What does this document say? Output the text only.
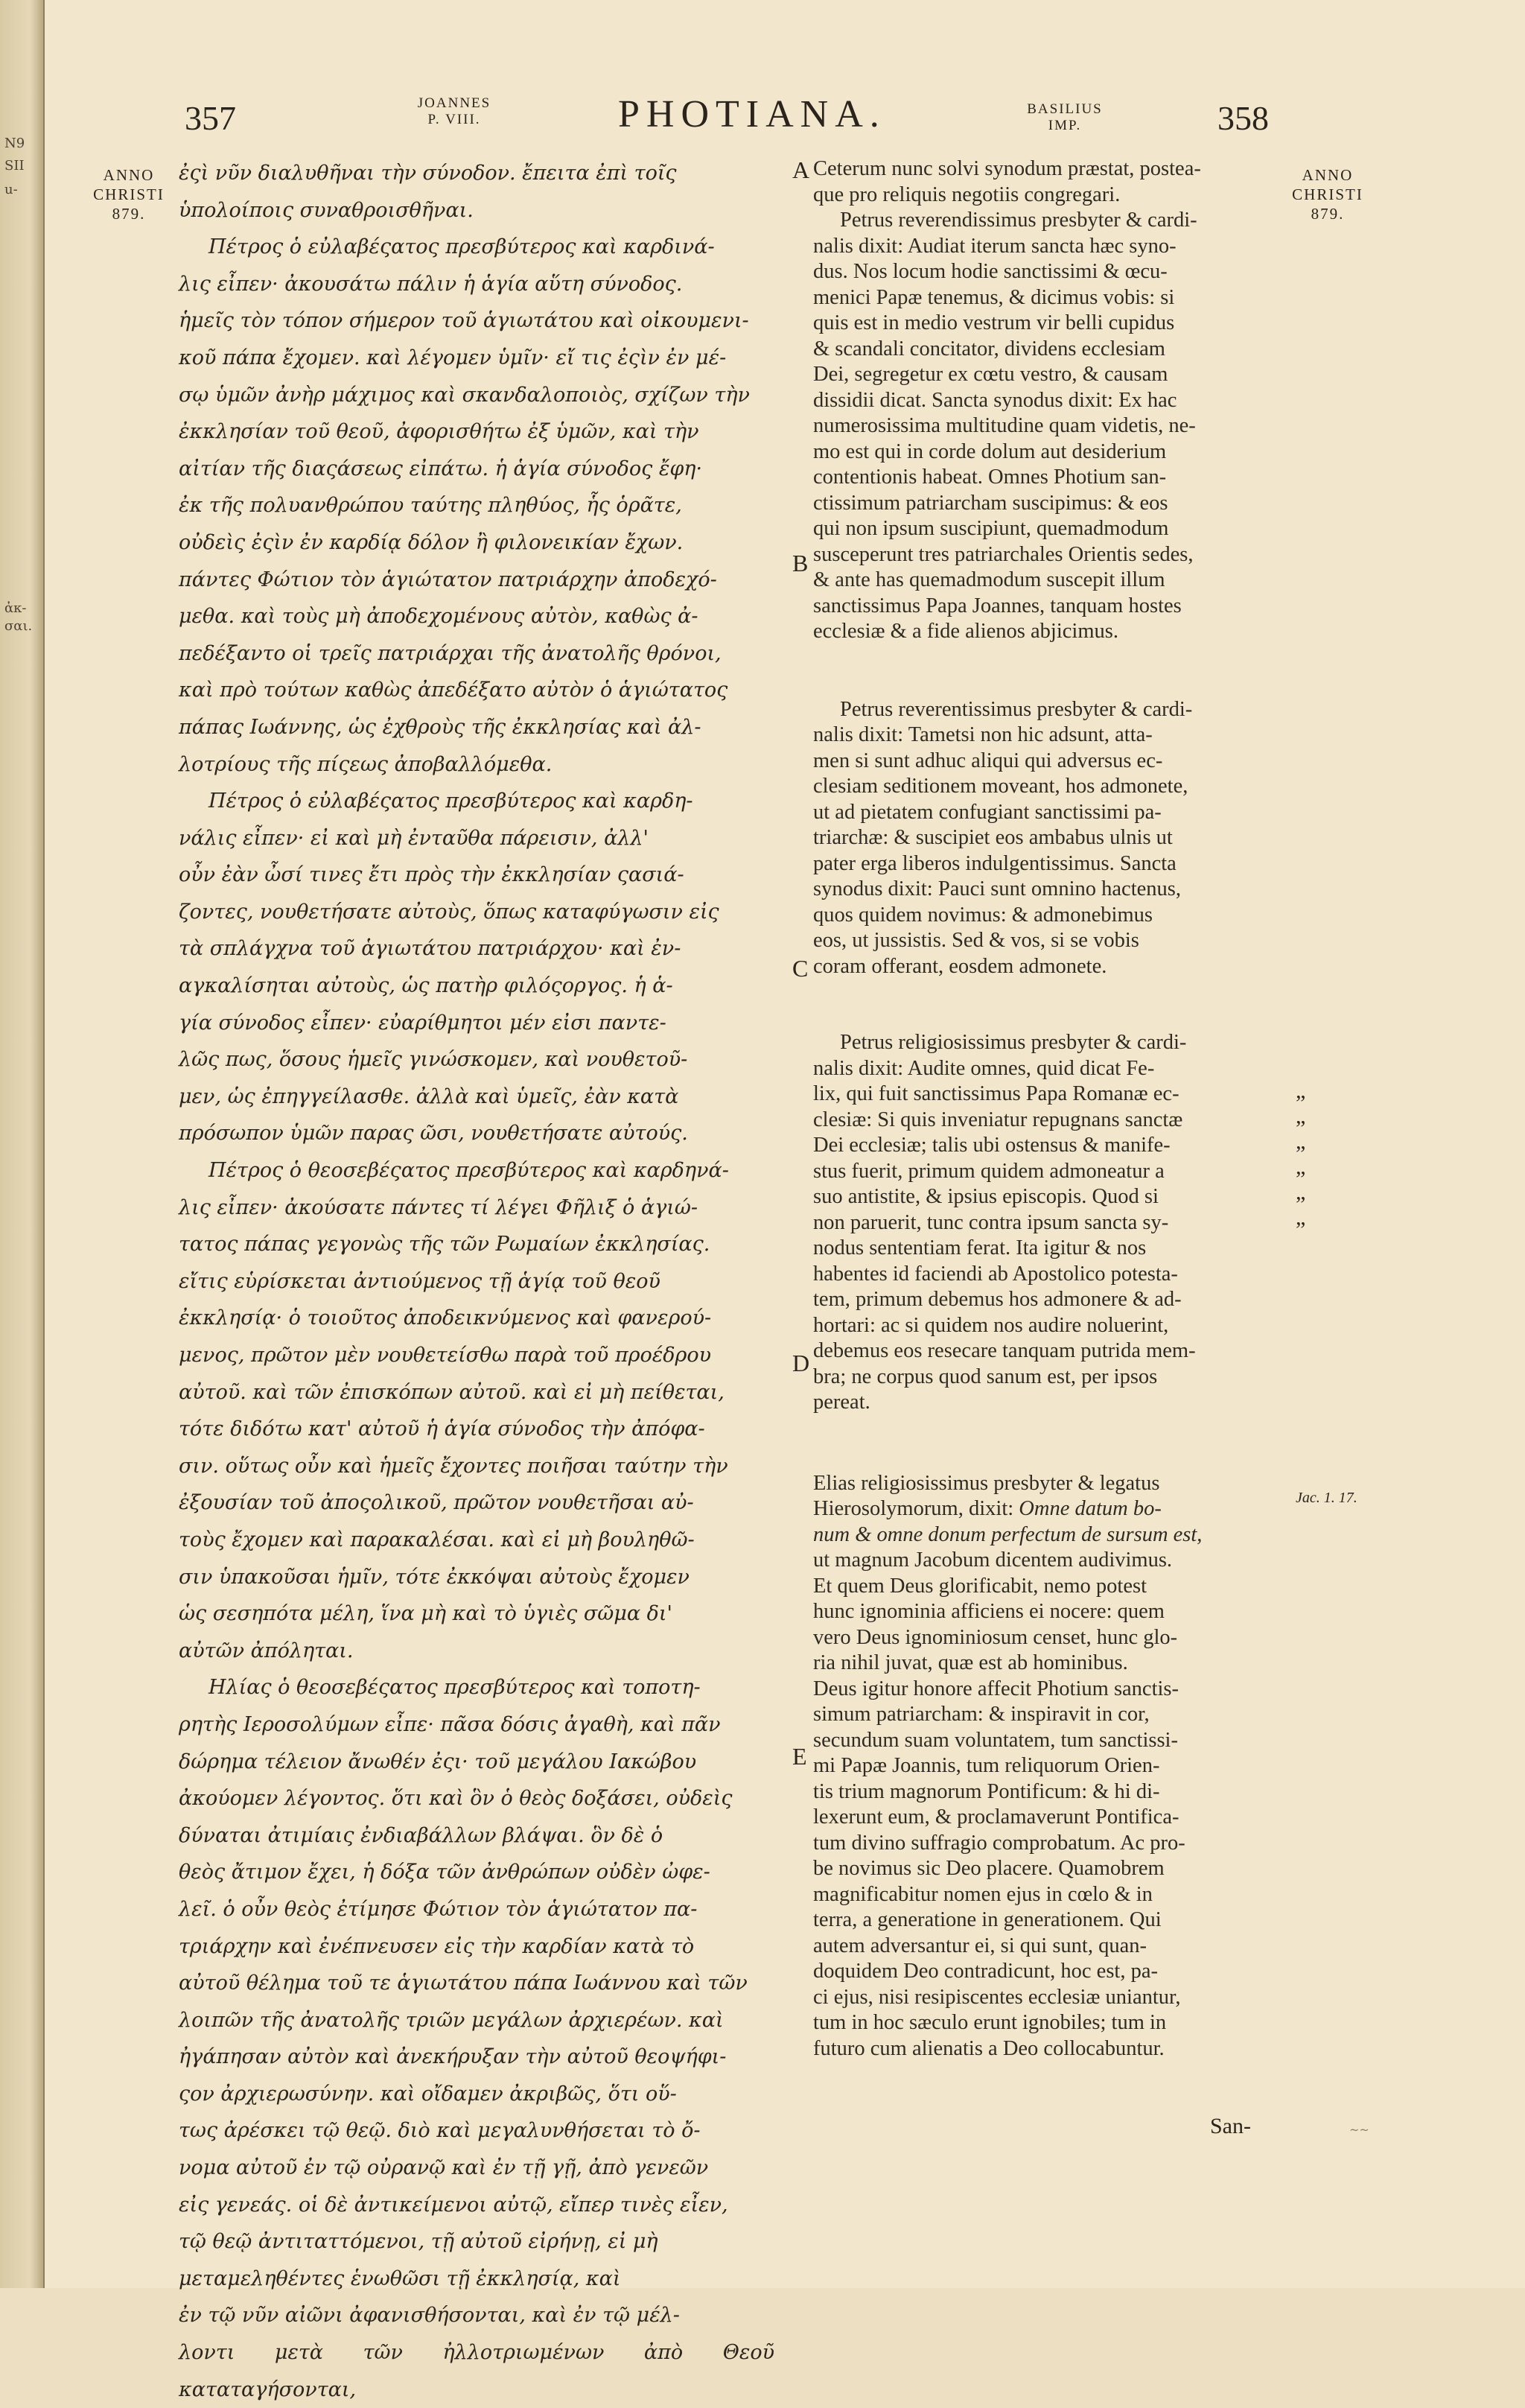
N9
SII
u-
ἀκ-
σαι.
357	JOANNES
P. VIII.	PHOTIANA.	BASILIUS
IMP.	358
ANNO
CHRISTI
879.
ANNO
CHRISTI
879.
ἐςὶ νῦν διαλυθῆναι τὴν σύνοδον. ἔπειτα ἐπὶ τοῖς
ὑπολοίποις συναθροισθῆναι.
Πέτρος ὁ εὐλαβέςατος πρεσβύτερος καὶ καρδινά-
λις εἶπεν· ἀκουσάτω πάλιν ἡ ἁγία αὕτη σύνοδος.
ἡμεῖς τὸν τόπον σήμερον τοῦ ἁγιωτάτου καὶ οἰκουμενι-
κοῦ πάπα ἔχομεν. καὶ λέγομεν ὑμῖν· εἴ τις ἐςὶν ἐν μέ-
σῳ ὑμῶν ἀνὴρ μάχιμος καὶ σκανδαλοποιὸς, σχίζων τὴν
ἐκκλησίαν τοῦ θεοῦ, ἀφορισθήτω ἐξ ὑμῶν, καὶ τὴν
αἰτίαν τῆς διαςάσεως εἰπάτω. ἡ ἁγία σύνοδος ἔφη·
ἐκ τῆς πολυανθρώπου ταύτης πληθύος, ἧς ὁρᾶτε,
οὐδεὶς ἐςὶν ἐν καρδίᾳ δόλον ἢ φιλονεικίαν ἔχων.
πάντες Φώτιον τὸν ἁγιώτατον πατριάρχην ἀποδεχό-
μεθα. καὶ τοὺς μὴ ἀποδεχομένους αὐτὸν, καθὼς ἀ-
πεδέξαντο οἱ τρεῖς πατριάρχαι τῆς ἀνατολῆς θρόνοι,
καὶ πρὸ τούτων καθὼς ἀπεδέξατο αὐτὸν ὁ ἁγιώτατος
πάπας Ιωάννης, ὡς ἐχθροὺς τῆς ἐκκλησίας καὶ ἀλ-
λοτρίους τῆς πίςεως ἀποβαλλόμεθα.
Πέτρος ὁ εὐλαβέςατος πρεσβύτερος καὶ καρδη-
νάλις εἶπεν· εἰ καὶ μὴ ἐνταῦθα πάρεισιν, ἀλλ'
οὖν ἐὰν ὦσί τινες ἔτι πρὸς τὴν ἐκκλησίαν ςασιά-
ζοντες, νουθετήσατε αὐτοὺς, ὅπως καταφύγωσιν εἰς
τὰ σπλάγχνα τοῦ ἁγιωτάτου πατριάρχου· καὶ ἐν-
αγκαλίσηται αὐτοὺς, ὡς πατὴρ φιλόςοργος. ἡ ἁ-
γία σύνοδος εἶπεν· εὐαρίθμητοι μέν εἰσι παντε-
λῶς πως, ὅσους ἡμεῖς γινώσκομεν, καὶ νουθετοῦ-
μεν, ὡς ἐπηγγείλασθε. ἀλλὰ καὶ ὑμεῖς, ἐὰν κατὰ
πρόσωπον ὑμῶν παρας ῶσι, νουθετήσατε αὐτούς.
Πέτρος ὁ θεοσεβέςατος πρεσβύτερος καὶ καρδηνά-
λις εἶπεν· ἀκούσατε πάντες τί λέγει Φῆλιξ ὁ ἁγιώ-
τατος πάπας γεγονὼς τῆς τῶν Ρωμαίων ἐκκλησίας.
εἴτις εὑρίσκεται ἀντιούμενος τῇ ἁγίᾳ τοῦ θεοῦ
ἐκκλησίᾳ· ὁ τοιοῦτος ἀποδεικνύμενος καὶ φανερού-
μενος, πρῶτον μὲν νουθετείσθω παρὰ τοῦ προέδρου
αὐτοῦ. καὶ τῶν ἐπισκόπων αὐτοῦ. καὶ εἰ μὴ πείθεται,
τότε διδότω κατ' αὐτοῦ ἡ ἁγία σύνοδος τὴν ἀπόφα-
σιν. οὕτως οὖν καὶ ἡμεῖς ἔχοντες ποιῆσαι ταύτην τὴν
ἐξουσίαν τοῦ ἀποςολικοῦ, πρῶτον νουθετῆσαι αὐ-
τοὺς ἔχομεν καὶ παρακαλέσαι. καὶ εἰ μὴ βουληθῶ-
σιν ὑπακοῦσαι ἡμῖν, τότε ἐκκόψαι αὐτοὺς ἔχομεν
ὡς σεσηπότα μέλη, ἵνα μὴ καὶ τὸ ὑγιὲς σῶμα δι'
αὐτῶν ἀπόληται.
Ηλίας ὁ θεοσεβέςατος πρεσβύτερος καὶ τοποτη-
ρητὴς Ιεροσολύμων εἶπε· πᾶσα δόσις ἀγαθὴ, καὶ πᾶν
δώρημα τέλειον ἄνωθέν ἐςι· τοῦ μεγάλου Ιακώβου
ἀκούομεν λέγοντος. ὅτι καὶ ὃν ὁ θεὸς δοξάσει, οὐδεὶς
δύναται ἀτιμίαις ἐνδιαβάλλων βλάψαι. ὃν δὲ ὁ
θεὸς ἄτιμον ἔχει, ἡ δόξα τῶν ἀνθρώπων οὐδὲν ὠφε-
λεῖ. ὁ οὖν θεὸς ἐτίμησε Φώτιον τὸν ἁγιώτατον πα-
τριάρχην καὶ ἐνέπνευσεν εἰς τὴν καρδίαν κατὰ τὸ
αὐτοῦ θέλημα τοῦ τε ἁγιωτάτου πάπα Ιωάννου καὶ τῶν
λοιπῶν τῆς ἀνατολῆς τριῶν μεγάλων ἀρχιερέων. καὶ
ἠγάπησαν αὐτὸν καὶ ἀνεκήρυξαν τὴν αὐτοῦ θεοψήφι-
ςον ἀρχιερωσύνην. καὶ οἴδαμεν ἀκριβῶς, ὅτι οὕ-
τως ἀρέσκει τῷ θεῷ. διὸ καὶ μεγαλυνθήσεται τὸ ὄ-
νομα αὐτοῦ ἐν τῷ οὐρανῷ καὶ ἐν τῇ γῇ, ἀπὸ γενεῶν
εἰς γενεάς. οἱ δὲ ἀντικείμενοι αὐτῷ, εἴπερ τινὲς εἶεν,
τῷ θεῷ ἀντιταττόμενοι, τῇ αὐτοῦ εἰρήνῃ, εἰ μὴ
μεταμεληθέντες ἑνωθῶσι τῇ ἐκκλησίᾳ, καὶ
ἐν τῷ νῦν αἰῶνι ἀφανισθήσονται, καὶ ἐν τῷ μέλ-
λοντι μετὰ τῶν ἠλλοτριωμένων ἀπὸ Θεοῦ καταταγήσονται,
Ceterum nunc solvi synodum præstat, postea-
que pro reliquis negotiis congregari.
Petrus reverendissimus presbyter & cardi-
nalis dixit: Audiat iterum sancta hæc syno-
dus. Nos locum hodie sanctissimi & œcu-
menici Papæ tenemus, & dicimus vobis: si
quis est in medio vestrum vir belli cupidus
& scandali concitator, dividens ecclesiam
Dei, segregetur ex cœtu vestro, & causam
dissidii dicat. Sancta synodus dixit: Ex hac
numerosissima multitudine quam videtis, ne-
mo est qui in corde dolum aut desiderium
contentionis habeat. Omnes Photium san-
ctissimum patriarcham suscipimus: & eos
qui non ipsum suscipiunt, quemadmodum
susceperunt tres patriarchales Orientis sedes,
& ante has quemadmodum suscepit illum
sanctissimus Papa Joannes, tanquam hostes
ecclesiæ & a fide alienos abjicimus.
Petrus reverentissimus presbyter & cardi-
nalis dixit: Tametsi non hic adsunt, atta-
men si sunt adhuc aliqui qui adversus ec-
clesiam seditionem moveant, hos admonete,
ut ad pietatem confugiant sanctissimi pa-
triarchæ: & suscipiet eos ambabus ulnis ut
pater erga liberos indulgentissimus. Sancta
synodus dixit: Pauci sunt omnino hactenus,
quos quidem novimus: & admonebimus
eos, ut jussistis. Sed & vos, si se vobis
coram offerant, eosdem admonete.
Petrus religiosissimus presbyter & cardi-
nalis dixit: Audite omnes, quid dicat Fe-
lix, qui fuit sanctissimus Papa Romanæ ec-
clesiæ: Si quis inveniatur repugnans sanctæ
Dei ecclesiæ; talis ubi ostensus & manife-
stus fuerit, primum quidem admoneatur a
suo antistite, & ipsius episcopis. Quod si
non paruerit, tunc contra ipsum sancta sy-
nodus sententiam ferat. Ita igitur & nos
habentes id faciendi ab Apostolico potesta-
tem, primum debemus hos admonere & ad-
hortari: ac si quidem nos audire noluerint,
debemus eos resecare tanquam putrida mem-
bra; ne corpus quod sanum est, per ipsos
pereat.
Elias religiosissimus presbyter & legatus
Hierosolymorum, dixit: Omne datum bo-
num & omne donum perfectum de sursum est,
ut magnum Jacobum dicentem audivimus.
Et quem Deus glorificabit, nemo potest
hunc ignominia afficiens ei nocere: quem
vero Deus ignominiosum censet, hunc glo-
ria nihil juvat, quæ est ab hominibus.
Deus igitur honore affecit Photium sanctis-
simum patriarcham: & inspiravit in cor,
secundum suam voluntatem, tum sanctissi-
mi Papæ Joannis, tum reliquorum Orien-
tis trium magnorum Pontificum: & hi di-
lexerunt eum, & proclamaverunt Pontifica-
tum divino suffragio comprobatum. Ac pro-
be novimus sic Deo placere. Quamobrem
magnificabitur nomen ejus in cœlo & in
terra, a generatione in generationem. Qui
autem adversantur ei, si qui sunt, quan-
doquidem Deo contradicunt, hoc est, pa-
ci ejus, nisi resipiscentes ecclesiæ uniantur,
tum in hoc sæculo erunt ignobiles; tum in
futuro cum alienatis a Deo collocabuntur.
A
B
C
D
E
„
„
„
„
„
„
Jac. 1. 17.
San-	~~
